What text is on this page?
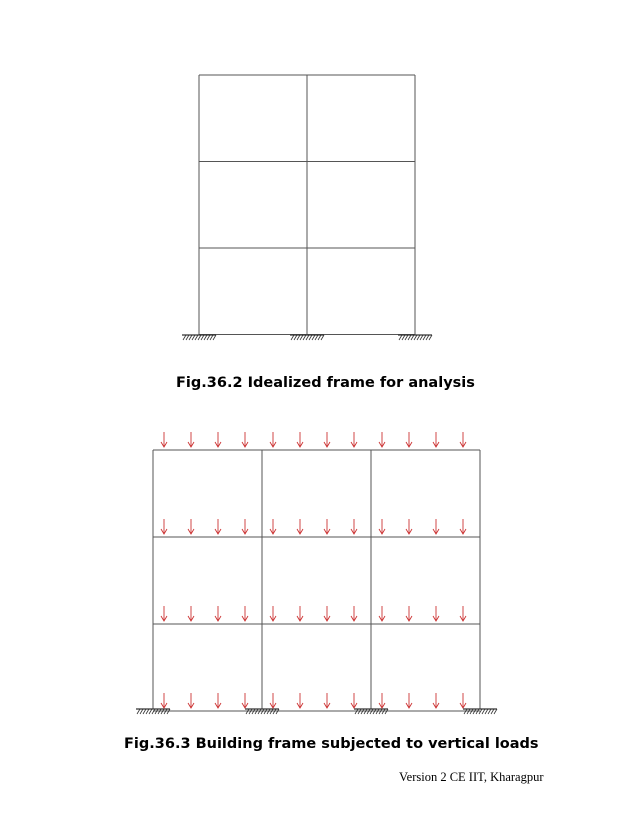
Fig.36.2 Idealized frame for analysis
Fig.36.3 Building frame subjected to vertical loads
Version 2 CE IIT, Kharagpur
